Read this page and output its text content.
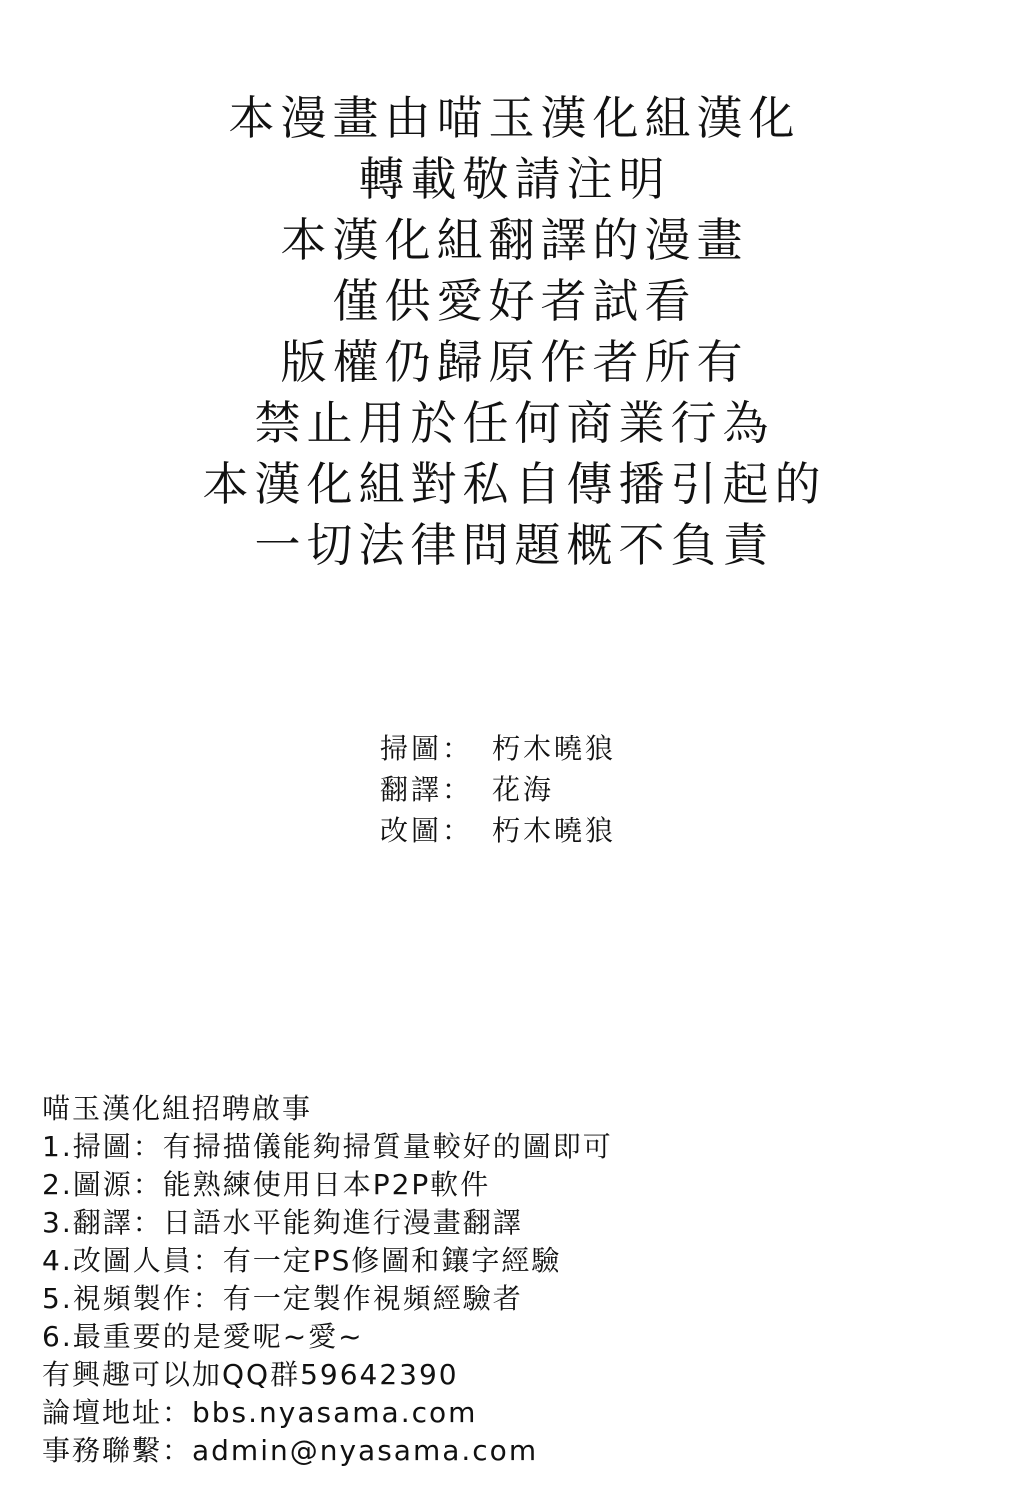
本漫畫由喵玉漢化組漢化
轉載敬請注明
本漢化組翻譯的漫畫
僅供愛好者試看
版權仍歸原作者所有
禁止用於任何商業行為
本漢化組對私自傳播引起的
一切法律問題概不負責
掃圖： 朽木曉狼
翻譯： 花海
改圖： 朽木曉狼
喵玉漢化組招聘啟事
1.掃圖：有掃描儀能夠掃質量較好的圖即可
2.圖源：能熟練使用日本P2P軟件
3.翻譯：日語水平能夠進行漫畫翻譯
4.改圖人員：有一定PS修圖和鑲字經驗
5.視頻製作：有一定製作視頻經驗者
6.最重要的是愛呢~愛~
有興趣可以加QQ群59642390
論壇地址：bbs.nyasama.com
事務聯繫：admin@nyasama.com
